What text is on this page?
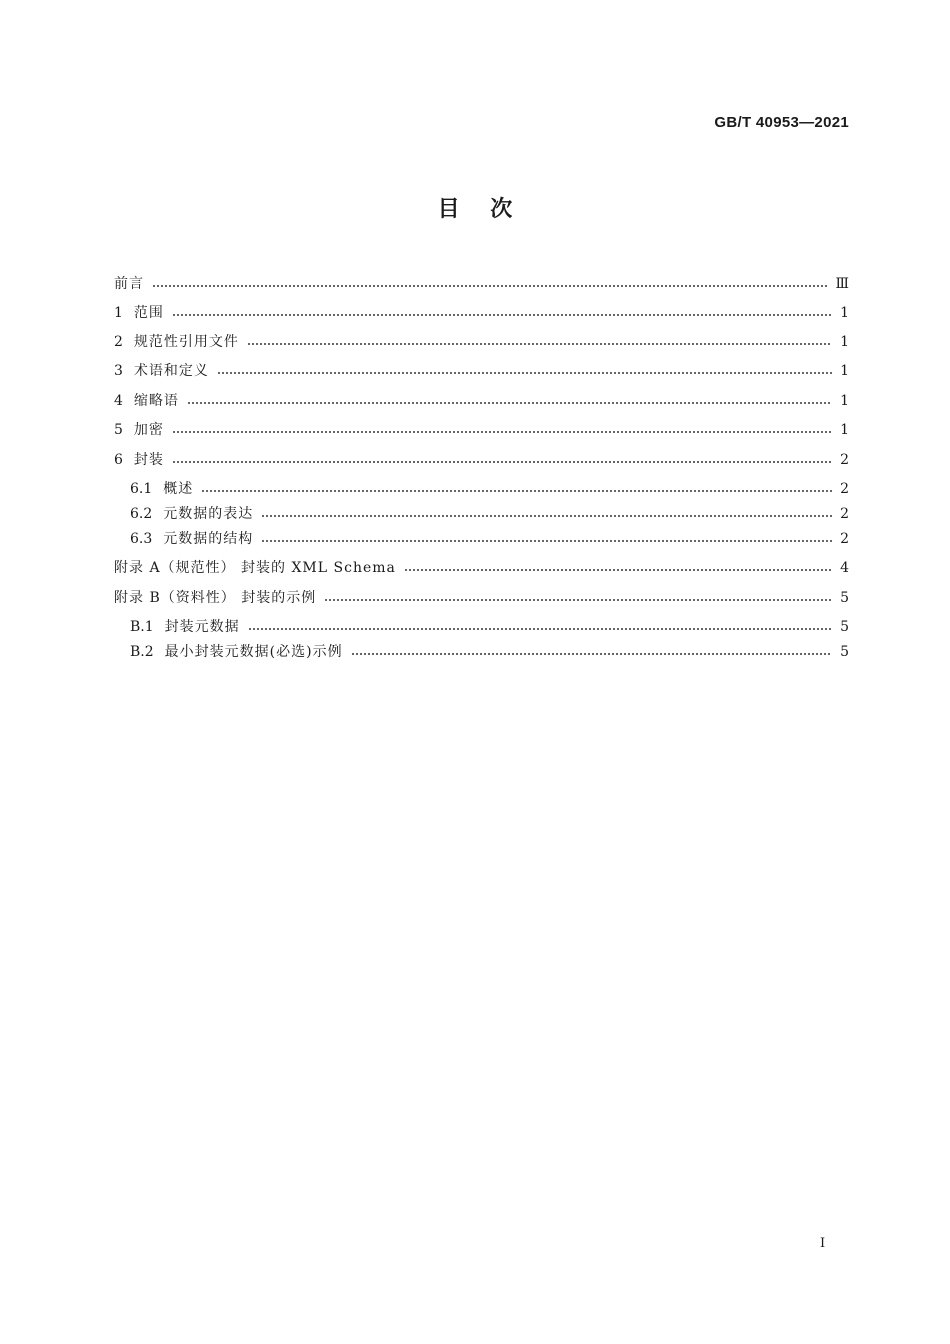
GB/T 40953—2021
目    次
前言	Ⅲ
1 范围	1
2 规范性引用文件	1
3 术语和定义	1
4 缩略语	1
5 加密	1
6 封装	2
6.1 概述	2
6.2 元数据的表达	2
6.3 元数据的结构	2
附录 A（规范性） 封装的 XML Schema	4
附录 B（资料性） 封装的示例	5
B.1 封装元数据	5
B.2 最小封装元数据(必选)示例	5
I
